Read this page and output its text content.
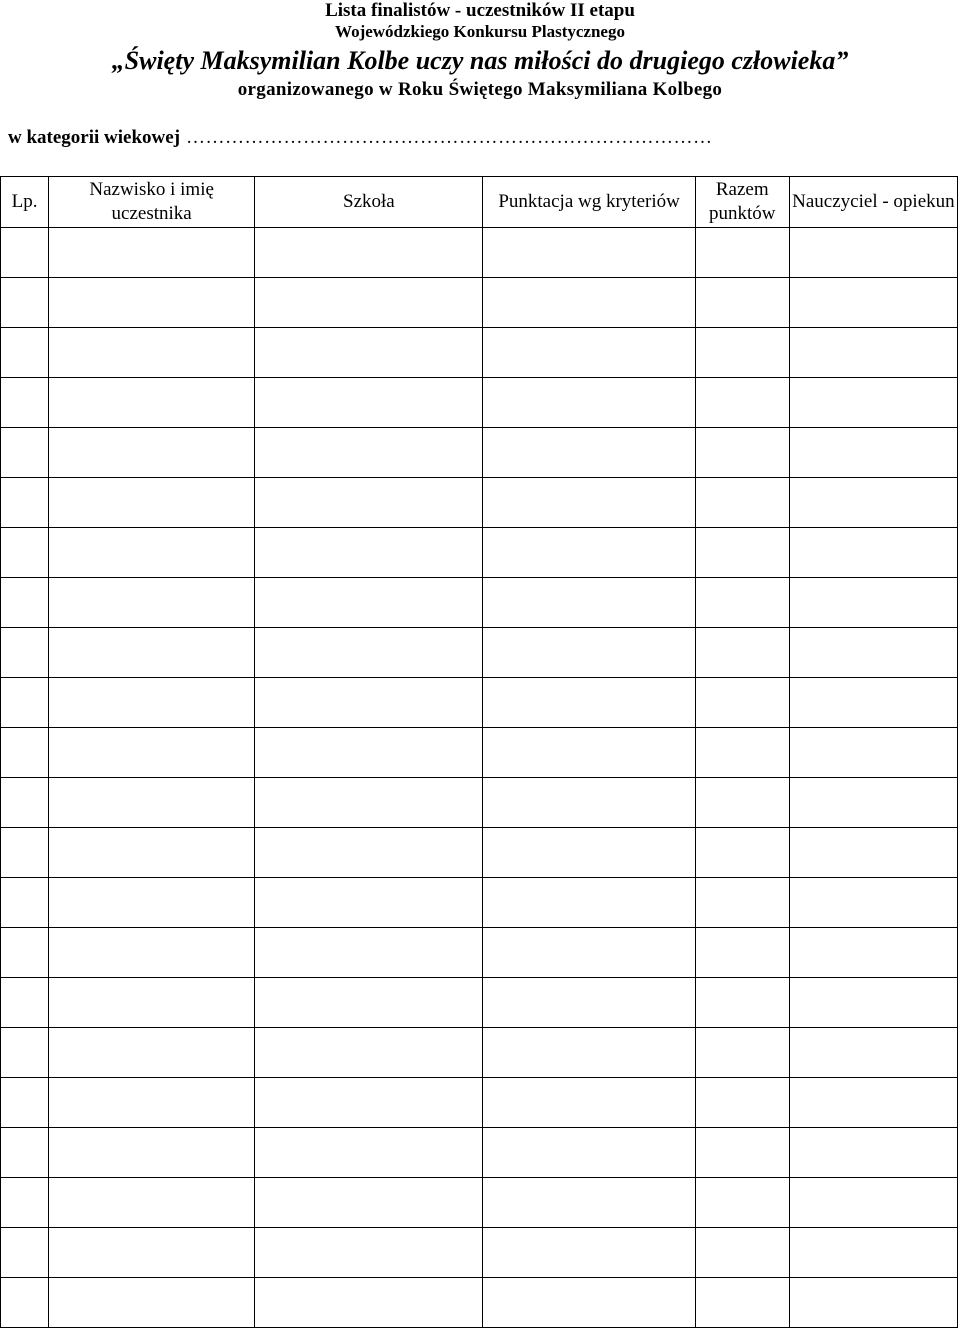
Lista finalistów - uczestników II etapu
Wojewódzkiego Konkursu Plastycznego
„Święty Maksymilian Kolbe uczy nas miłości do drugiego człowieka”
organizowanego w Roku Świętego Maksymiliana Kolbego
w kategorii wiekowej ………………………………………………………………………
Lp.	Nazwisko i imię uczestnika	Szkoła	Punktacja wg kryteriów	Razem punktów	Nauczyciel - opiekun
